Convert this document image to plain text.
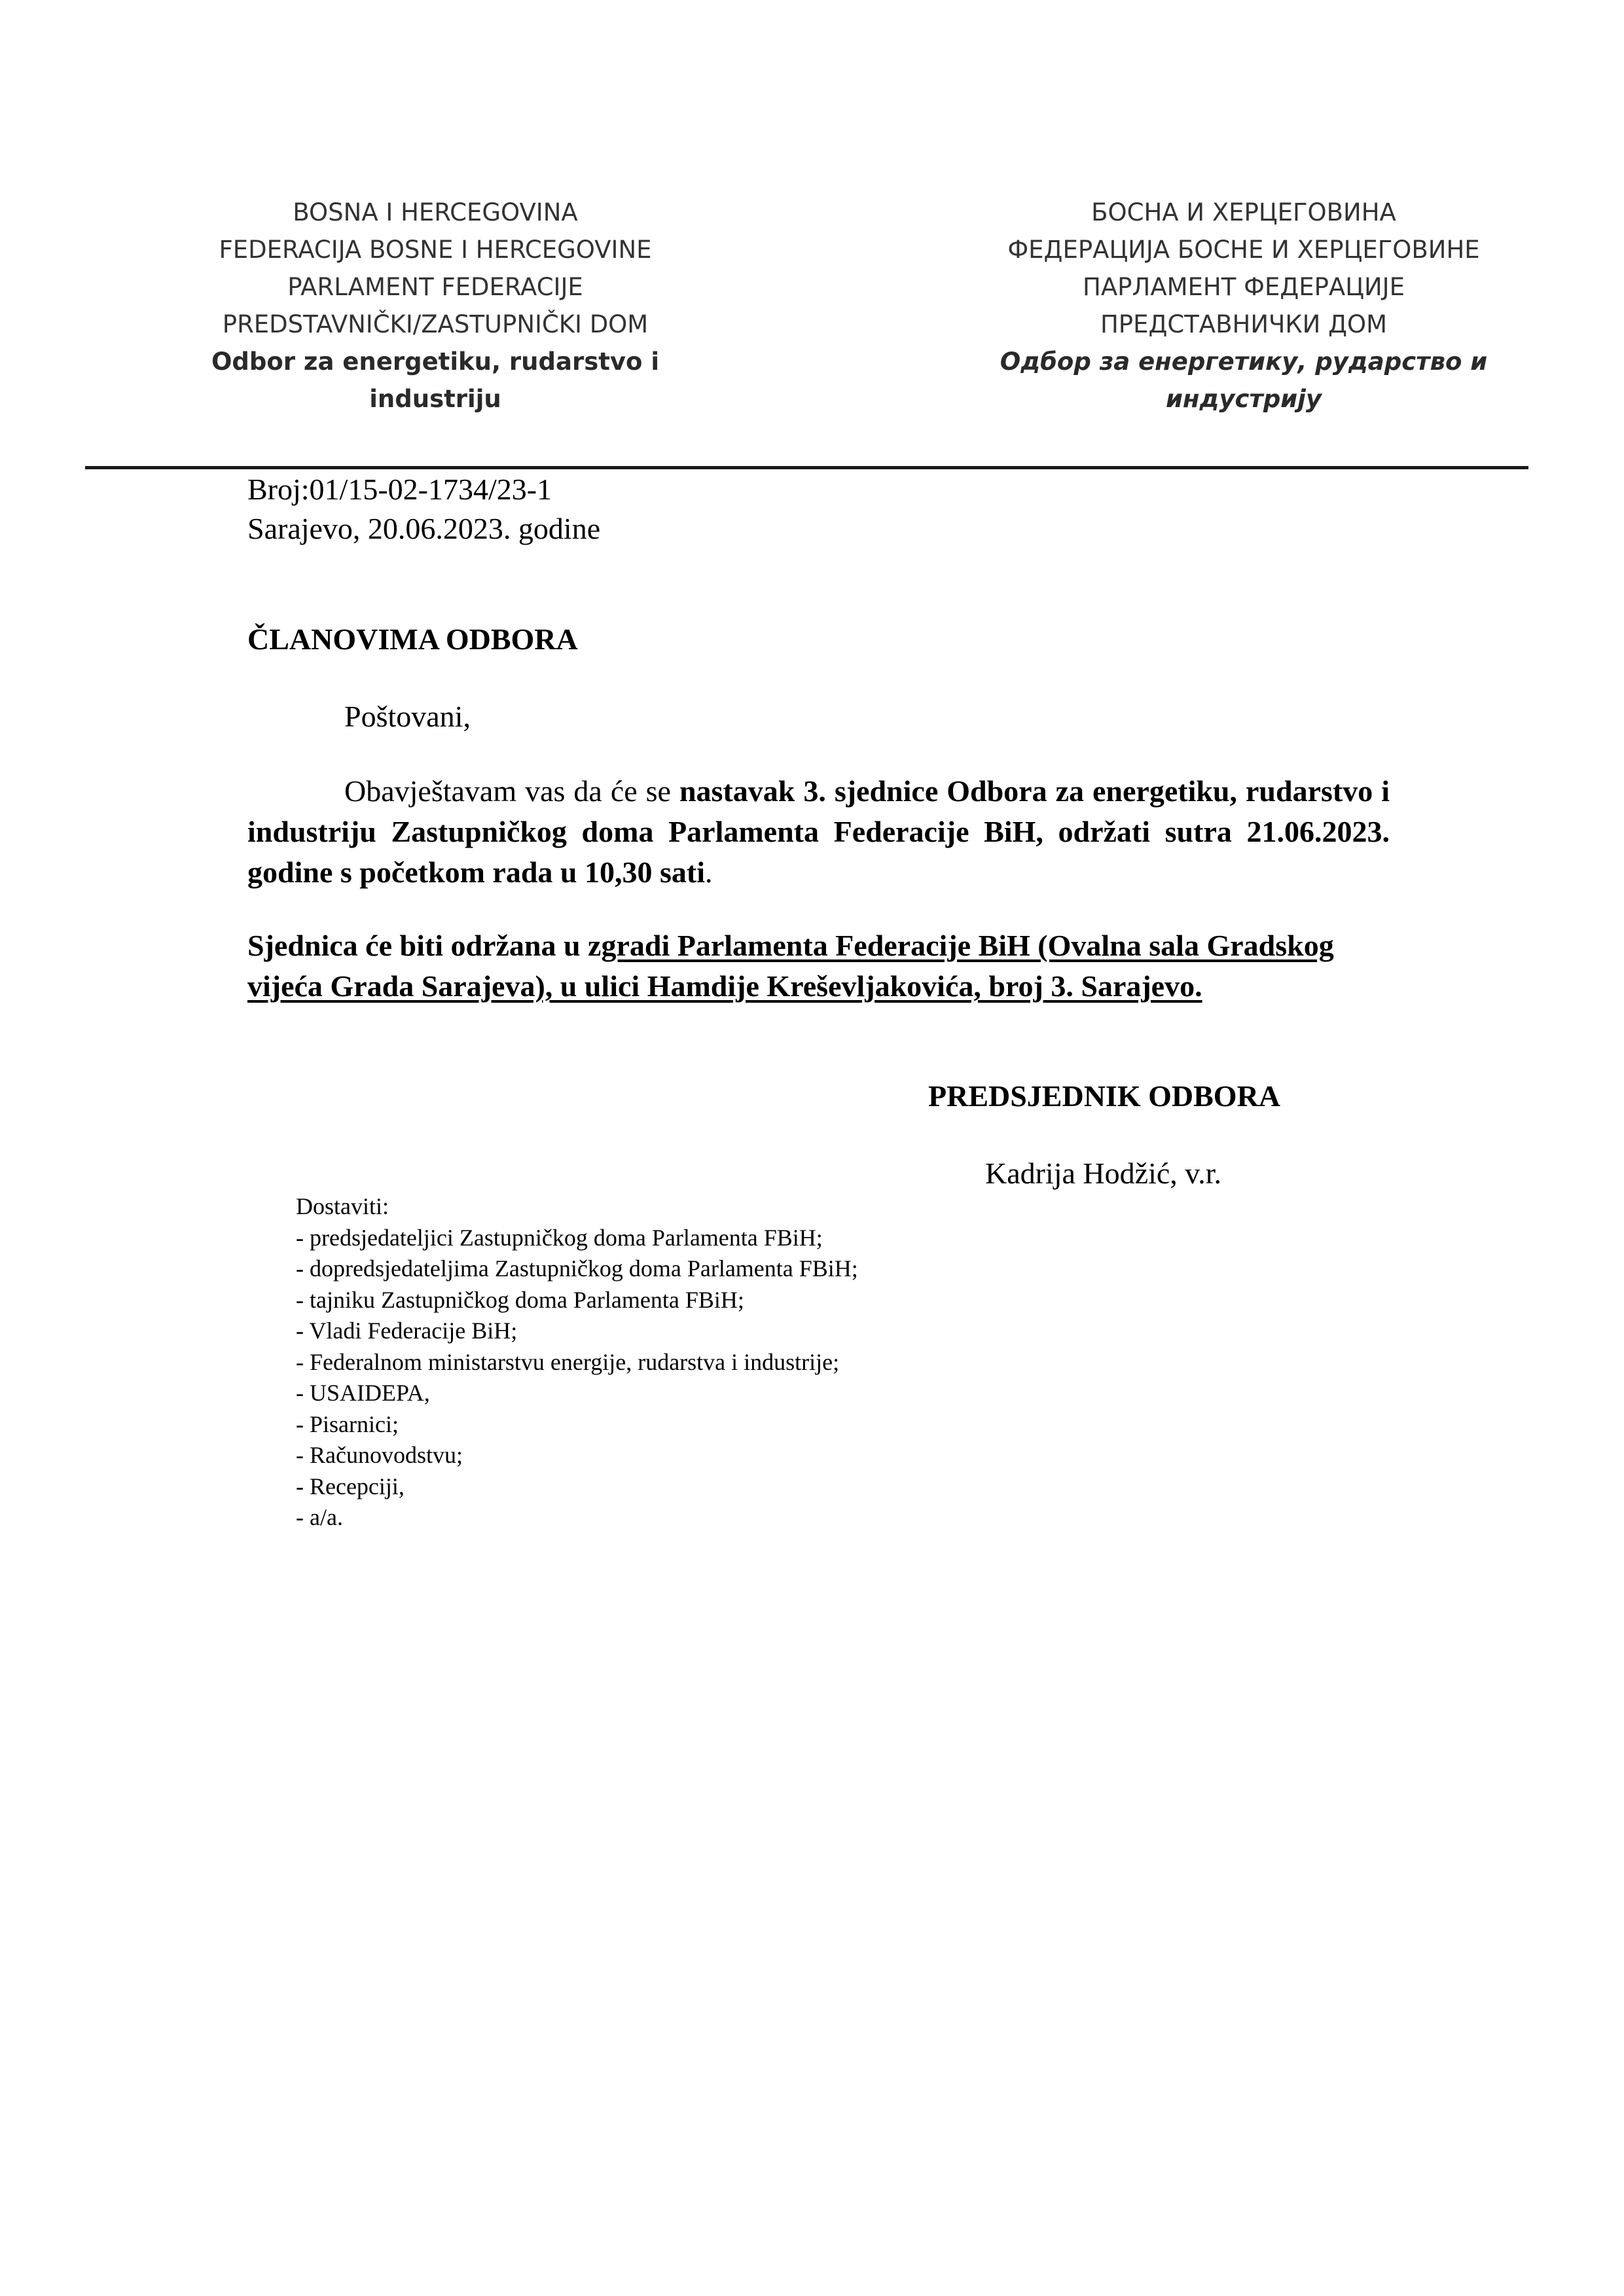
BOSNA I HERCEGOVINA
FEDERACIJA BOSNE I HERCEGOVINE
PARLAMENT FEDERACIJE
PREDSTAVNIČKI/ZASTUPNIČKI DOM
Odbor za energetiku, rudarstvo i industriju
БОСНА И ХЕРЦЕГОВИНА
ФЕДЕРАЦИЈА БОСНЕ И ХЕРЦЕГОВИНЕ
ПАРЛАМЕНТ ФЕДЕРАЦИЈЕ
ПРЕДСТАВНИЧКИ ДОМ
Одбор за енергетику, рударство и
индустрију
Broj:01/15-02-1734/23-1
Sarajevo, 20.06.2023. godine
ČLANOVIMA ODBORA
Poštovani,
Obavještavam vas da će se nastavak 3. sjednice Odbora za energetiku, rudarstvo i industriju Zastupničkog doma Parlamenta Federacije BiH, održati sutra 21.06.2023. godine s početkom rada u 10,30 sati.
Sjednica će biti održana u zgradi Parlamenta Federacije BiH (Ovalna sala Gradskog vijeća Grada Sarajeva), u ulici Hamdije Kreševljakovića, broj 3. Sarajevo.
PREDSJEDNIK ODBORA
Kadrija Hodžić, v.r.
Dostaviti:
- predsjedateljici Zastupničkog doma Parlamenta FBiH;
- dopredsjedateljima Zastupničkog doma Parlamenta FBiH;
- tajniku Zastupničkog doma Parlamenta FBiH;
- Vladi Federacije BiH;
- Federalnom ministarstvu energije, rudarstva i industrije;
- USAIDEPA,
- Pisarnici;
- Računovodstvu;
- Recepciji,
- a/a.
